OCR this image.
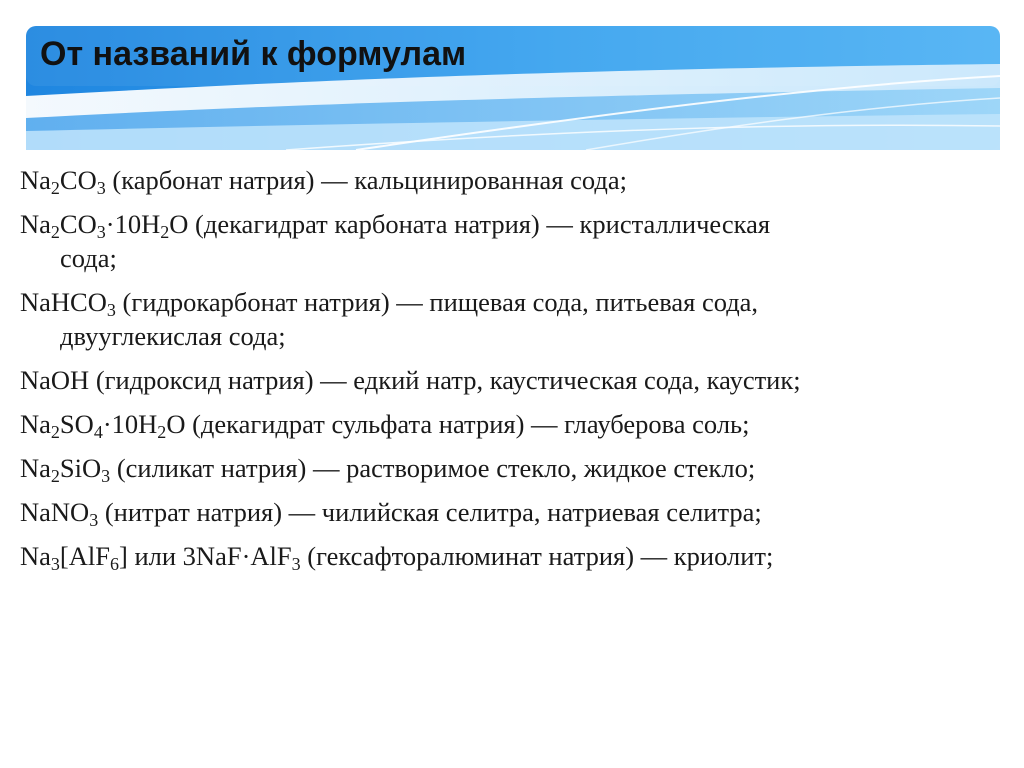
От названий к формулам

$Na_2CO_3$ (карбонат натрия) — кальцинированная сода;

$Na_2CO_3\cdot 10H_2O$ (декагидрат карбоната натрия) — кристаллическая
сода;

NaHCO$_3$ (гидрокарбонат натрия) — пищевая сода, питьевая сода,
двууглекислая сода;

NaOH (гидроксид натрия) — едкий натр, каустическая сода, каустик;

$Na_2SO_4\cdot 10H_2O$ (декагидрат сульфата натрия) — глауберова соль;

$Na_2SiO_3$ (силикат натрия) — растворимое стекло, жидкое стекло;

NaNO$_3$ (нитрат натрия) — чилийская селитра, натриевая селитра;

$Na_3[AlF_6]$ или 3NaF·AlF$_3$ (гексафторалюминат натрия) — криолит;
